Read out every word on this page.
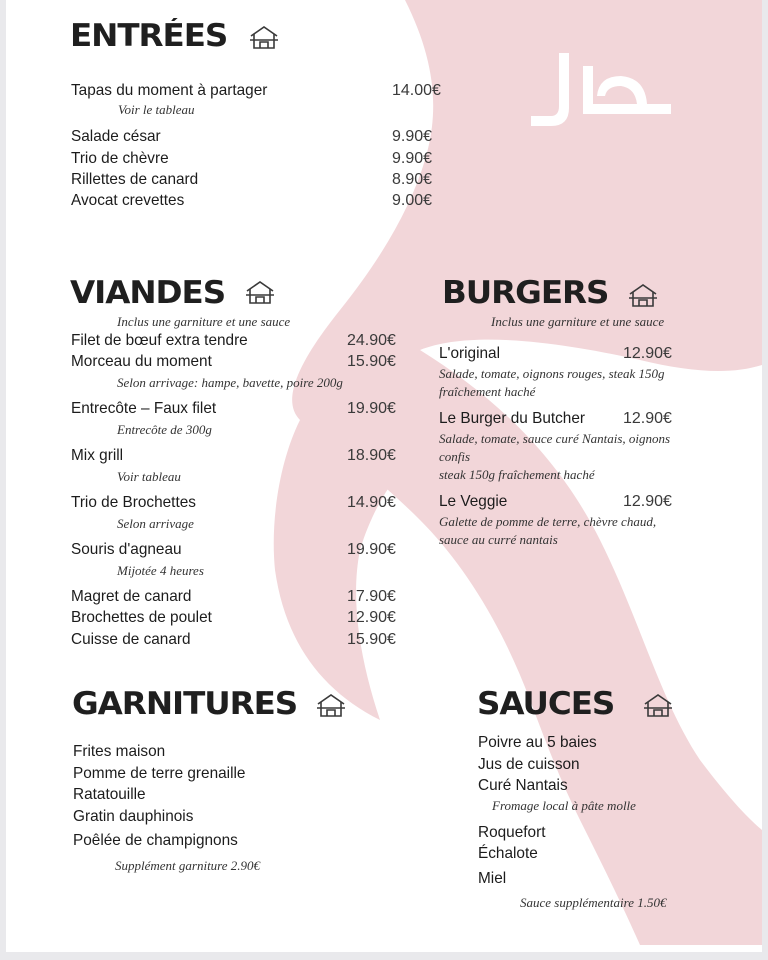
ENTRÉES
Tapas du moment à partager	14.00€
Voir le tableau
Salade césar	9.90€
Trio de chèvre	9.90€
Rillettes de canard	8.90€
Avocat crevettes	9.00€
VIANDES
Inclus une garniture et une sauce
Filet de bœuf extra tendre	24.90€
Morceau du moment	15.90€
Selon arrivage: hampe, bavette, poire 200g
Entrecôte – Faux filet	19.90€
Entrecôte de 300g
Mix grill	18.90€
Voir tableau
Trio de Brochettes	14.90€
Selon arrivage
Souris d'agneau	19.90€
Mijotée 4 heures
Magret de canard	17.90€
Brochettes de poulet	12.90€
Cuisse de canard	15.90€
BURGERS
Inclus une garniture et une sauce
L'original	12.90€
Salade, tomate, oignons rouges, steak 150g
fraîchement haché
Le Burger du Butcher 12.90€
Salade, tomate, sauce curé Nantais, oignons
confis
steak 150g fraîchement haché
Le Veggie	12.90€
Galette de pomme de terre, chèvre chaud,
sauce au curré nantais
GARNITURES
Frites maison
Pomme de terre grenaille
Ratatouille
Gratin dauphinois
Poêlée de champignons
Supplément garniture 2.90€
SAUCES
Poivre au 5 baies
Jus de cuisson
Curé Nantais
Fromage local à pâte molle
Roquefort
Échalote
Miel
Sauce supplémentaire 1.50€
